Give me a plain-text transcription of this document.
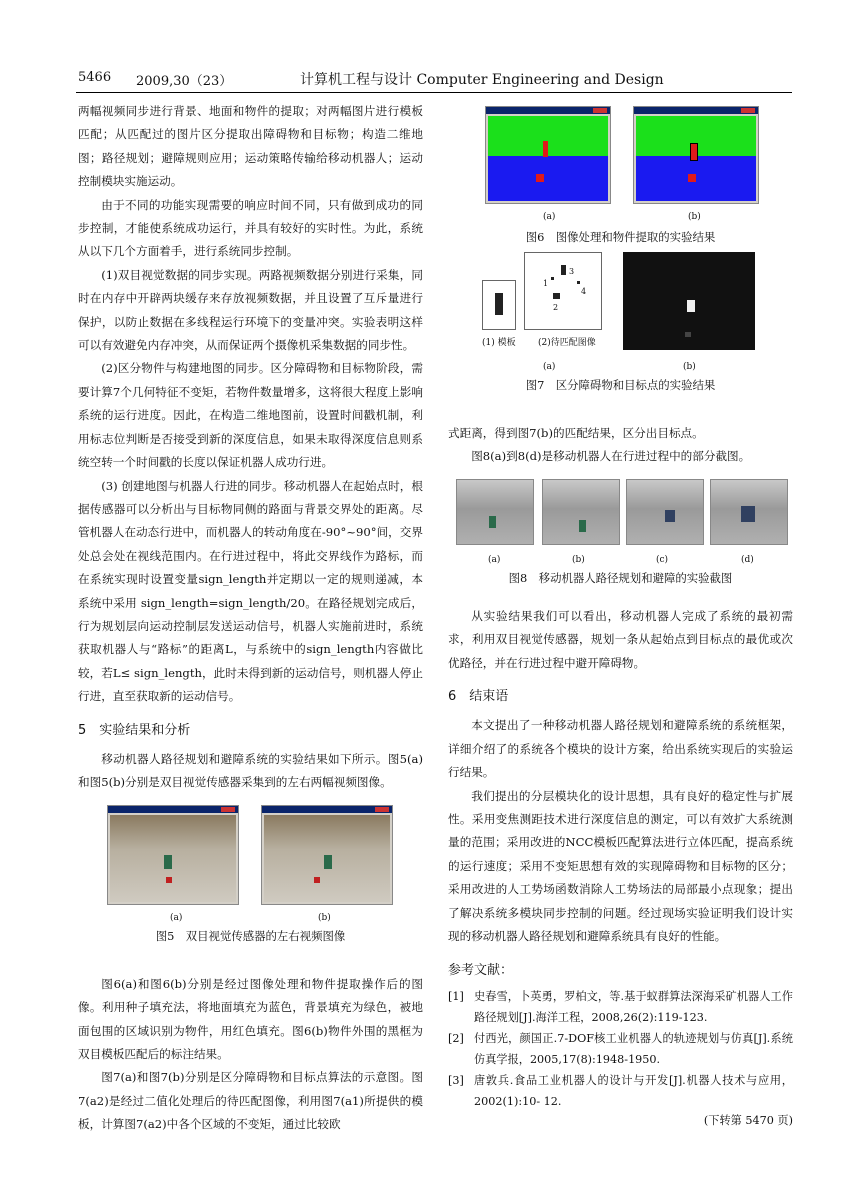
5466 2009,30（23）	计算机工程与设计 Computer Engineering and Design

两幅视频同步进行背景、地面和物件的提取；对两幅图片进行模板匹配；从匹配过的图片区分提取出障碍物和目标物；构造二维地图；路径规划；避障规则应用；运动策略传输给移动机器人；运动控制模块实施运动。

由于不同的功能实现需要的响应时间不同，只有做到成功的同步控制，才能使系统成功运行，并具有较好的实时性。为此，系统从以下几个方面着手，进行系统同步控制。

(1)双目视觉数据的同步实现。两路视频数据分别进行采集，同时在内存中开辟两块缓存来存放视频数据，并且设置了互斥量进行保护，以防止数据在多线程运行环境下的变量冲突。实验表明这样可以有效避免内存冲突，从而保证两个摄像机采集数据的同步性。

(2)区分物件与构建地图的同步。区分障碍物和目标物阶段，需要计算7个几何特征不变矩，若物件数量增多，这将很大程度上影响系统的运行进度。因此，在构造二维地图前，设置时间戳机制，利用标志位判断是否接受到新的深度信息，如果未取得深度信息则系统空转一个时间戳的长度以保证机器人成功行进。

(3) 创建地图与机器人行进的同步。移动机器人在起始点时，根据传感器可以分析出与目标物同侧的路面与背景交界处的距离。尽管机器人在动态行进中，而机器人的转动角度在-90°~90°间，交界处总会处在视线范围内。在行进过程中，将此交界线作为路标，而在系统实现时设置变量sign_length并定期以一定的规则递减，本系统中采用 sign_length=sign_length/20。在路径规划完成后，行为规划层向运动控制层发送运动信号，机器人实施前进时，系统获取机器人与“路标”的距离L，与系统中的sign_length内容做比较，若L≤ sign_length，此时未得到新的运动信号，则机器人停止行进，直至获取新的运动信号。

5　实验结果和分析

移动机器人路径规划和避障系统的实验结果如下所示。图5(a)和图5(b)分别是双目视觉传感器采集到的左右两幅视频图像。

(a)	(b)

图5　双目视觉传感器的左右视频图像

图6(a)和图6(b)分别是经过图像处理和物件提取操作后的图像。利用种子填充法，将地面填充为蓝色，背景填充为绿色，被地面包围的区域识别为物件，用红色填充。图6(b)物件外围的黑框为双目模板匹配后的标注结果。

图7(a)和图7(b)分别是区分障碍物和目标点算法的示意图。图7(a2)是经过二值化处理后的待匹配图像，利用图7(a1)所提供的模板，计算图7(a2)中各个区域的不变矩，通过比较欧

(a)	(b)

图6　图像处理和物件提取的实验结果

1
2
3
4
(1) 模板 (2)待匹配图像
(a)	(b)

图7　区分障碍物和目标点的实验结果

式距离，得到图7(b)的匹配结果，区分出目标点。

图8(a)到8(d)是移动机器人在行进过程中的部分截图。

(a)	(b)	(c)	(d)

图8　移动机器人路径规划和避障的实验截图

从实验结果我们可以看出，移动机器人完成了系统的最初需求，利用双目视觉传感器，规划一条从起始点到目标点的最优或次优路径，并在行进过程中避开障碍物。

6　结束语

本文提出了一种移动机器人路径规划和避障系统的系统框架，详细介绍了的系统各个模块的设计方案，给出系统实现后的实验运行结果。

我们提出的分层模块化的设计思想，具有良好的稳定性与扩展性。采用变焦测距技术进行深度信息的测定，可以有效扩大系统测量的范围；采用改进的NCC模板匹配算法进行立体匹配，提高系统的运行速度；采用不变矩思想有效的实现障碍物和目标物的区分；采用改进的人工势场函数消除人工势场法的局部最小点现象；提出了解决系统多模块同步控制的问题。经过现场实验证明我们设计实现的移动机器人路径规划和避障系统具有良好的性能。

参考文献：

[1] 史春雪，卜英勇，罗柏文，等.基于蚁群算法深海采矿机器人工作路径规划[J].海洋工程，2008,26(2):119-123.
[2] 付西光，颜国正.7-DOF核工业机器人的轨迹规划与仿真[J].系统仿真学报，2005,17(8):1948-1950.
[3] 唐敦兵.食品工业机器人的设计与开发[J].机器人技术与应用，2002(1):10- 12.
(下转第 5470 页)
